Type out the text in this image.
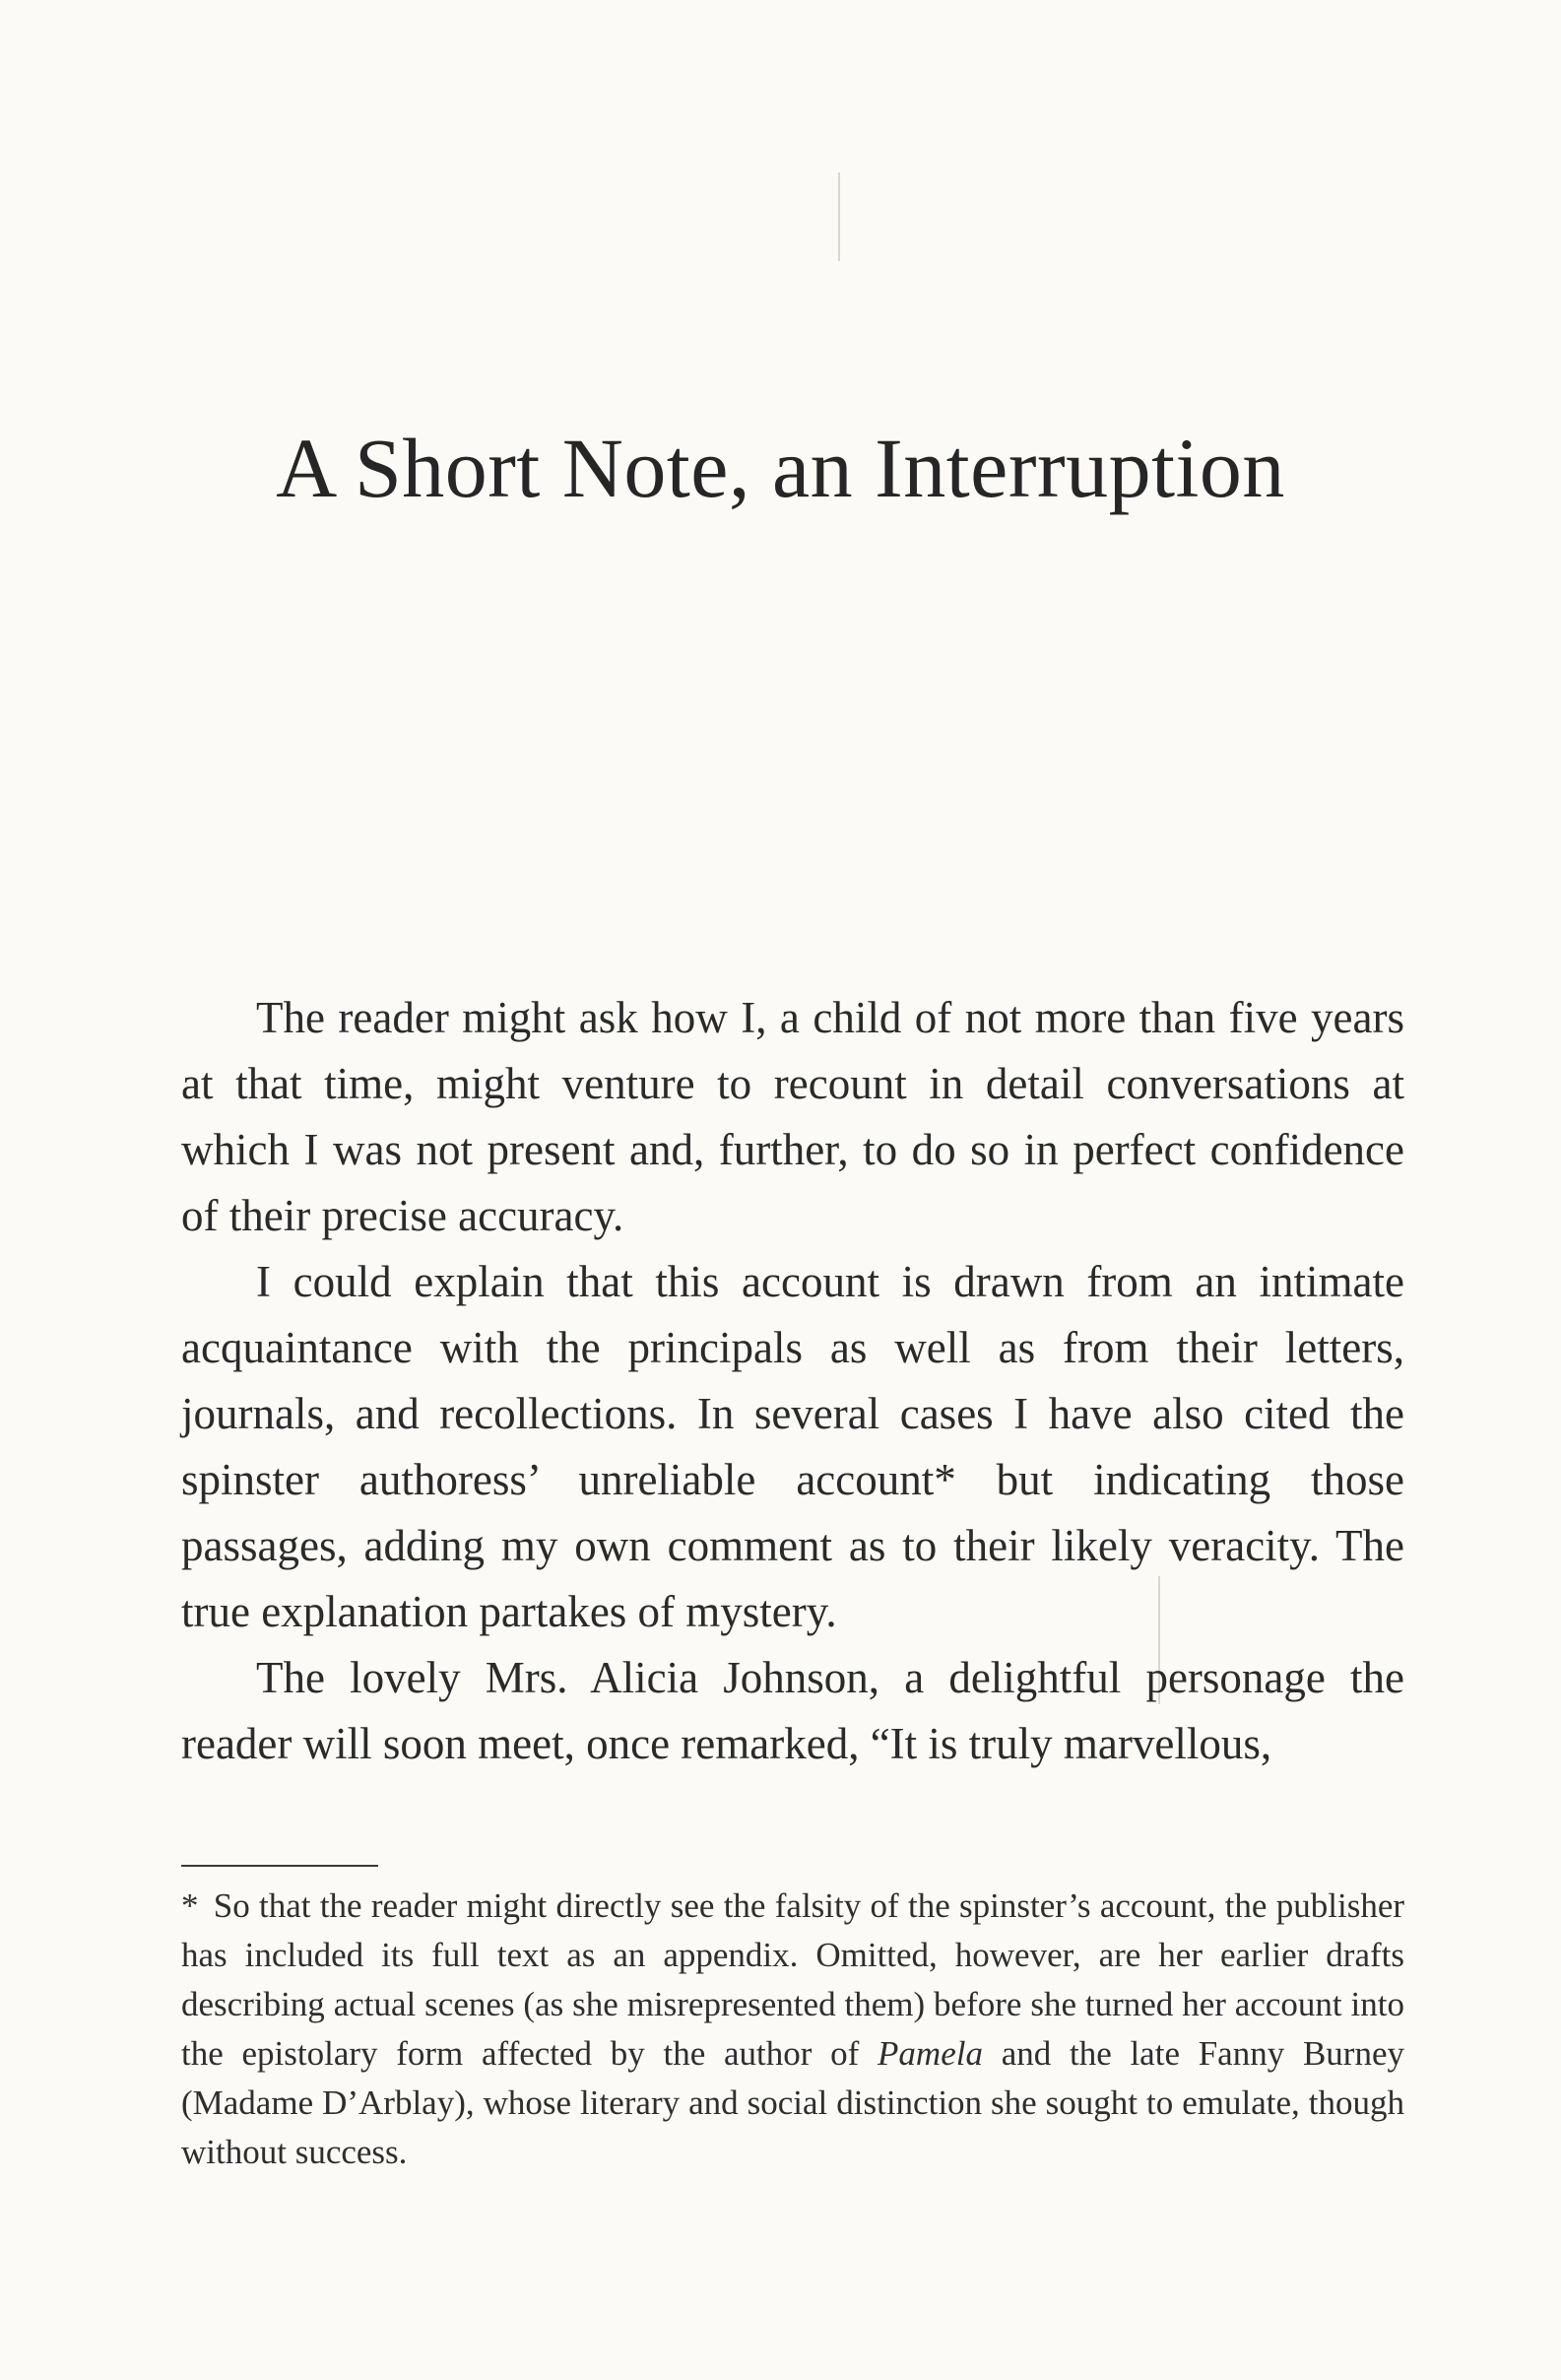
A Short Note, an Interruption

The reader might ask how I, a child of not more than five years at that time, might venture to recount in detail conversations at which I was not present and, further, to do so in perfect confidence of their precise accuracy.

I could explain that this account is drawn from an intimate acquaintance with the principals as well as from their letters, journals, and recollections. In several cases I have also cited the spinster authoress’ unreliable account* but indicating those passages, adding my own comment as to their likely veracity. The true explanation partakes of mystery.

The lovely Mrs. Alicia Johnson, a delightful personage the reader will soon meet, once remarked, “It is truly marvellous,

* So that the reader might directly see the falsity of the spinster’s account, the publisher has included its full text as an appendix. Omitted, however, are her earlier drafts describing actual scenes (as she misrepresented them) before she turned her account into the epistolary form affected by the author of Pamela and the late Fanny Burney (Madame D’Arblay), whose literary and social distinction she sought to emulate, though without success.
